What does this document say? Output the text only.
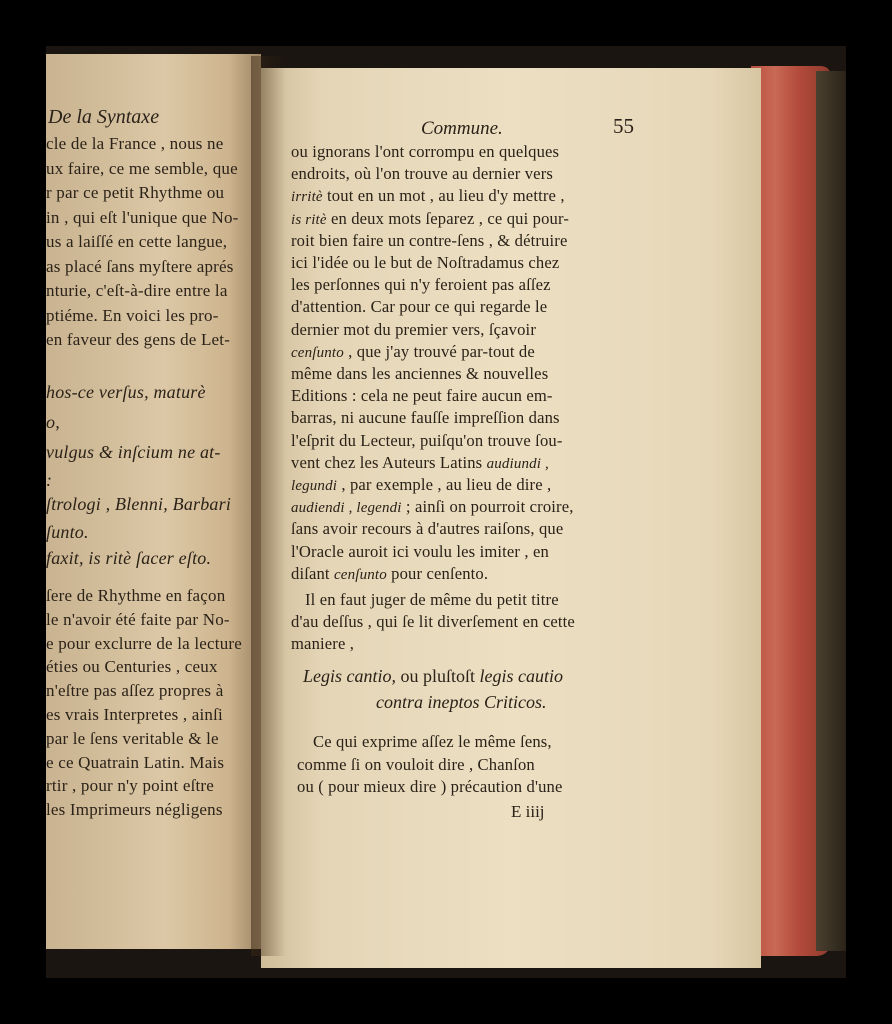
De la Syntaxe
cle de la France , nous ne
ux faire, ce me semble, que
r par ce petit Rhythme ou
in , qui eſt l'unique que No-
us a laiſſé en cette langue,
as placé ſans myſtere aprés
nturie, c'eſt-à-dire entre la
ptiéme. En voici les pro-
en faveur des gens de Let-
hos-ce verſus, maturè
o,
vulgus & inſcium ne at-
:
ſtrologi , Blenni, Barbari
ſunto.
faxit, is ritè ſacer eſto.
ſere de Rhythme en façon
le n'avoir été faite par No-
e pour exclurre de la lecture
éties ou Centuries , ceux
n'eſtre pas aſſez propres à
es vrais Interpretes , ainſi
par le ſens veritable & le
e ce Quatrain Latin. Mais
rtir , pour n'y point eſtre
les Imprimeurs négligens
Commune.	55
ou ignorans l'ont corrompu en quelques
endroits, où l'on trouve au dernier vers
irritè tout en un mot , au lieu d'y mettre ,
is ritè en deux mots ſeparez , ce qui pour-
roit bien faire un contre-ſens , & détruire
ici l'idée ou le but de Noſtradamus chez
les perſonnes qui n'y feroient pas aſſez
d'attention. Car pour ce qui regarde le
dernier mot du premier vers, ſçavoir
cenſunto , que j'ay trouvé par-tout de
même dans les anciennes & nouvelles
Editions : cela ne peut faire aucun em-
barras, ni aucune fauſſe impreſſion dans
l'eſprit du Lecteur, puiſqu'on trouve ſou-
vent chez les Auteurs Latins audiundi ,
legundi , par exemple , au lieu de dire ,
audiendi , legendi ; ainſi on pourroit croire,
ſans avoir recours à d'autres raiſons, que
l'Oracle auroit ici voulu les imiter , en
diſant cenſunto pour cenſento.
Il en faut juger de même du petit titre
d'au deſſus , qui ſe lit diverſement en cette
maniere ,
Legis cantio, ou pluſtoſt legis cautio
contra ineptos Criticos.
Ce qui exprime aſſez le même ſens,
comme ſi on vouloit dire , Chanſon
ou ( pour mieux dire ) précaution d'une
E iiij
